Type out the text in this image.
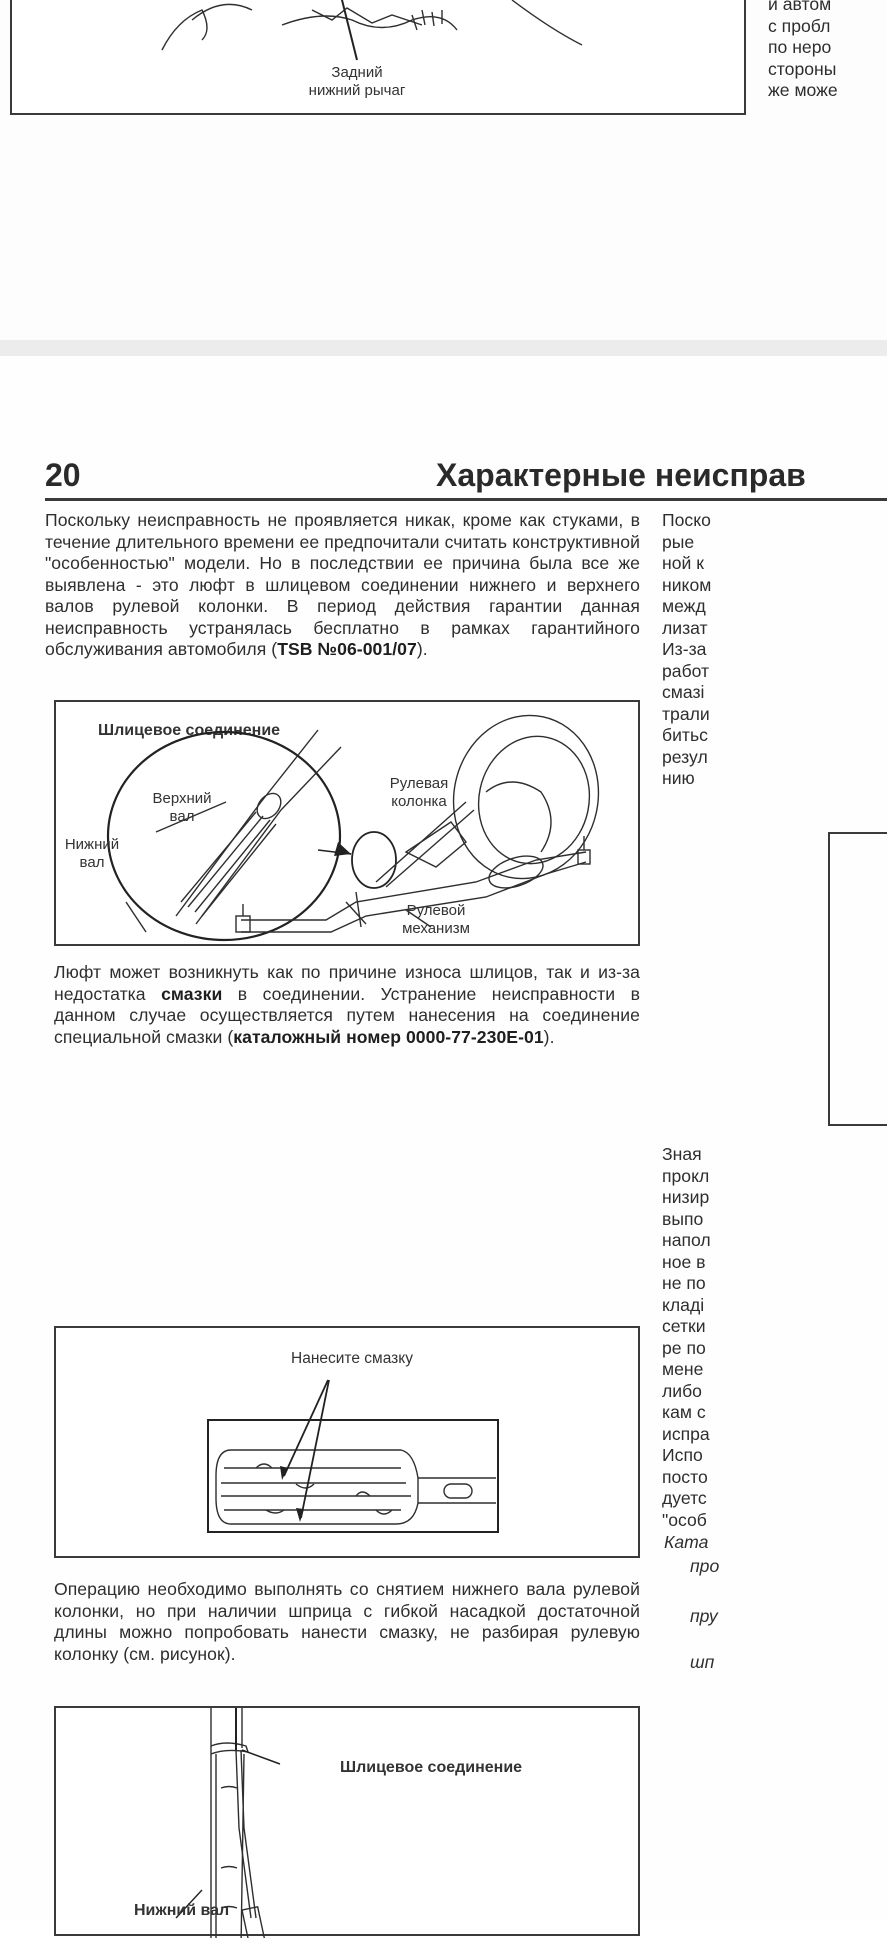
Задний
нижний рычаг
и автом
с пробл
по неро
стороны
же може
20	Характерные неисправ
Поскольку неисправность не проявляется никак, кроме как стуками, в течение длительного времени ее предпочитали считать конструктивной "особенностью" модели. Но в последствии ее причина была все же выявлена - это люфт в шлицевом соединении нижнего и верхнего валов рулевой колонки. В период действия гарантии данная неисправность устранялась бесплатно в рамках гарантийного обслуживания автомобиля (TSB №06-001/07).
Шлицевое соединение
Верхний
вал
Нижний
вал
Рулевая
колонка
Рулевой
механизм
Люфт может возникнуть как по причине износа шлицов, так и из-за недостатка смазки в соединении. Устранение неисправности в данном случае осуществляется путем нанесения на соединение специальной смазки (каталожный номер 0000-77-230E-01).
Нанесите смазку
Операцию необходимо выполнять со снятием нижнего вала рулевой колонки, но при наличии шприца с гибкой насадкой достаточной длины можно попробовать нанести смазку, не разбирая рулевую колонку (см. рисунок).
Шлицевое соединение
Нижний вал
Поско
рые
ной к
ником
межд
лизат
Из-за
работ
смазі
трали
битьс
резул
нию
Зная
прокл
низир
выпо
напол
ное в
не по
кладі
сетки
ре по
мене
либо
кам с
испра
Испо
посто
дуетс
"особ
Ката
про
пру
шп
